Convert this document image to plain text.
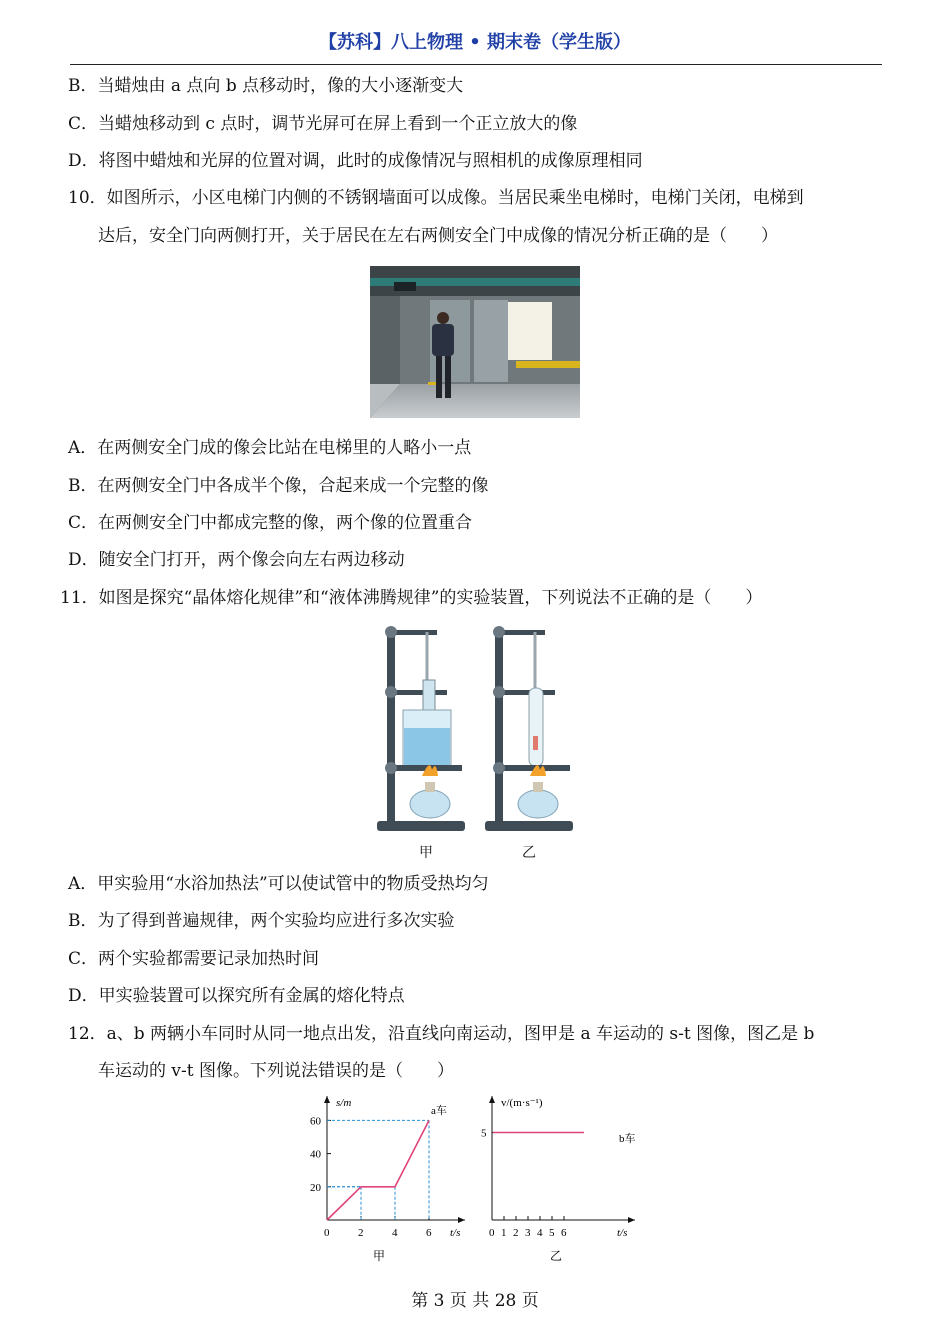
【苏科】八上物理 • 期末卷（学生版）
B．当蜡烛由 a 点向 b 点移动时，像的大小逐渐变大
C．当蜡烛移动到 c 点时，调节光屏可在屏上看到一个正立放大的像
D．将图中蜡烛和光屏的位置对调，此时的成像情况与照相机的成像原理相同
10．如图所示，小区电梯门内侧的不锈钢墙面可以成像。当居民乘坐电梯时，电梯门关闭，电梯到
达后，安全门向两侧打开，关于居民在左右两侧安全门中成像的情况分析正确的是（　　）
A．在两侧安全门成的像会比站在电梯里的人略小一点
B．在两侧安全门中各成半个像，合起来成一个完整的像
C．在两侧安全门中都成完整的像，两个像的位置重合
D．随安全门打开，两个像会向左右两边移动
11．如图是探究“晶体熔化规律”和“液体沸腾规律”的实验装置，下列说法不正确的是（　　）
甲	乙
A．甲实验用“水浴加热法”可以使试管中的物质受热均匀
B．为了得到普遍规律，两个实验均应进行多次实验
C．两个实验都需要记录加热时间
D．甲实验装置可以探究所有金属的熔化特点
12．a、b 两辆小车同时从同一地点出发，沿直线向南运动，图甲是 a 车运动的 s-t 图像，图乙是 b
车运动的 v-t 图像。下列说法错误的是（　　）
s/m
t/s
a车
20
40
60
0	2	4	6
甲
v/(m·s⁻¹)
t/s
b车
5
0 1 2 3 4 5 6
乙
第 3 页 共 28 页
